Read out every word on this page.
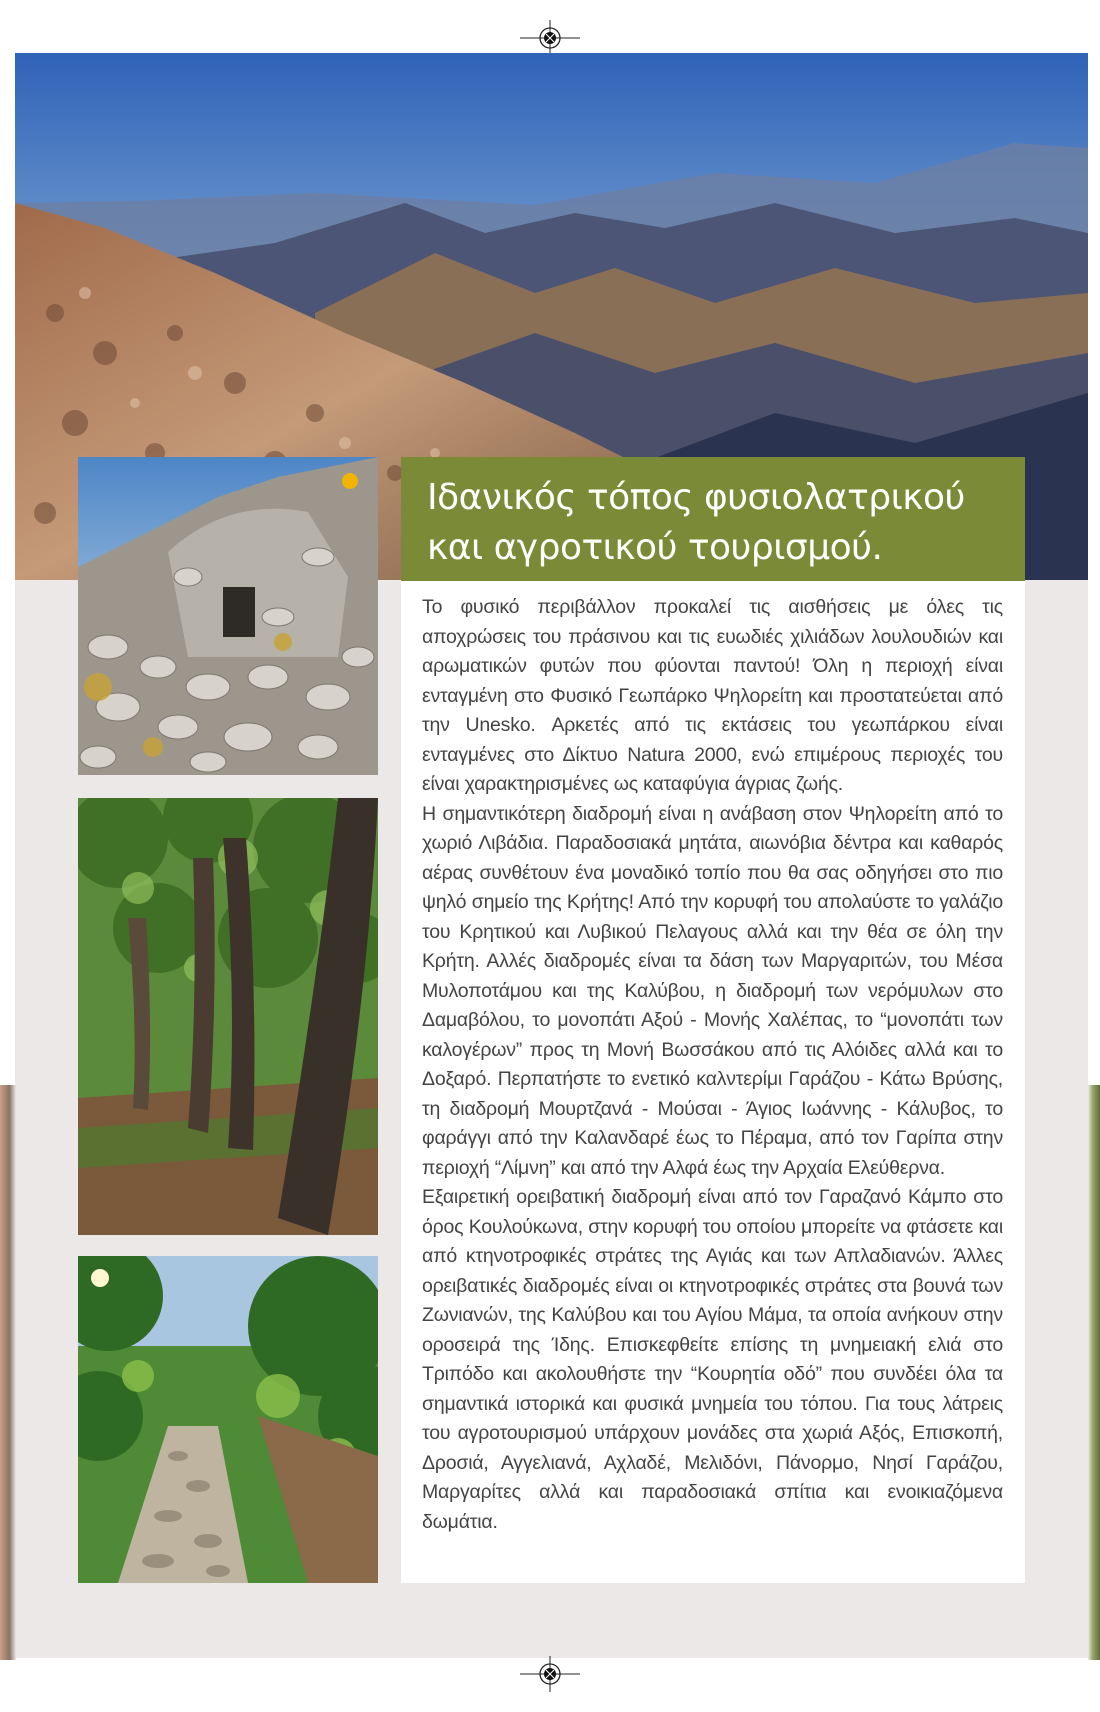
Ιδανικός τόπος φυσιολατρικού
και αγροτικού τουρισμού.

Το φυσικό περιβάλλον προκαλεί τις αισθήσεις με όλες τις αποχρώσεις του πράσινου και τις ευωδιές χιλιάδων λουλουδιών και αρωματικών φυτών που φύονται παντού! Όλη η περιοχή είναι ενταγμένη στο Φυσικό Γεωπάρκο Ψηλορείτη και προστατεύεται από την Unesko. Αρκετές από τις εκτάσεις του γεωπάρκου είναι ενταγμένες στο Δίκτυο Natura 2000, ενώ επιμέρους περιοχές του είναι χαρακτηρισμένες ως καταφύγια άγριας ζωής.

Η σημαντικότερη διαδρομή είναι η ανάβαση στον Ψηλορείτη από το χωριό Λιβάδια. Παραδοσιακά μητάτα, αιωνόβια δέντρα και καθαρός αέρας συνθέτουν ένα μοναδικό τοπίο που θα σας οδηγήσει στο πιο ψηλό σημείο της Κρήτης! Από την κορυφή του απολαύστε το γαλάζιο του Κρητικού και Λυβικού Πελαγους αλλά και την θέα σε όλη την Κρήτη. Αλλές διαδρομές είναι τα δάση των Μαργαριτών, του Μέσα Μυλοποτάμου και της Καλύβου, η διαδρομή των νερόμυλων στο Δαμαβόλου, το μονοπάτι Αξού - Μονής Χαλέπας, το “μονοπάτι των καλογέρων” προς τη Μονή Βωσσάκου από τις Αλόιδες αλλά και το Δοξαρό. Περπατήστε το ενετικό καλντερίμι Γαράζου - Κάτω Βρύσης, τη διαδρομή Μουρτζανά - Μούσαι - Άγιος Ιωάννης - Κάλυβος, το φαράγγι από την Καλανδαρέ έως το Πέραμα, από τον Γαρίπα στην περιοχή “Λίμνη” και από την Αλφά έως την Αρχαία Ελεύθερνα.

Εξαιρετική ορειβατική διαδρομή είναι από τον Γαραζανό Κάμπο στο όρος Κουλούκωνα, στην κορυφή του οποίου μπορείτε να φτάσετε και από κτηνοτροφικές στράτες της Αγιάς και των Απλαδιανών. Άλλες ορειβατικές διαδρομές είναι οι κτηνοτροφικές στράτες στα βουνά των Ζωνιανών, της Καλύβου και του Αγίου Μάμα, τα οποία ανήκουν στην οροσειρά της Ίδης. Επισκεφθείτε επίσης τη μνημειακή ελιά στο Τριπόδο και ακολουθήστε την “Κουρητία οδό” που συνδέει όλα τα σημαντικά ιστορικά και φυσικά μνημεία του τόπου. Για τους λάτρεις του αγροτουρισμού υπάρχουν μονάδες στα χωριά Αξός, Επισκοπή, Δροσιά, Αγγελιανά, Αχλαδέ, Μελιδόνι, Πάνορμο, Νησί Γαράζου, Μαργαρίτες αλλά και παραδοσιακά σπίτια και ενοικιαζόμενα δωμάτια.
